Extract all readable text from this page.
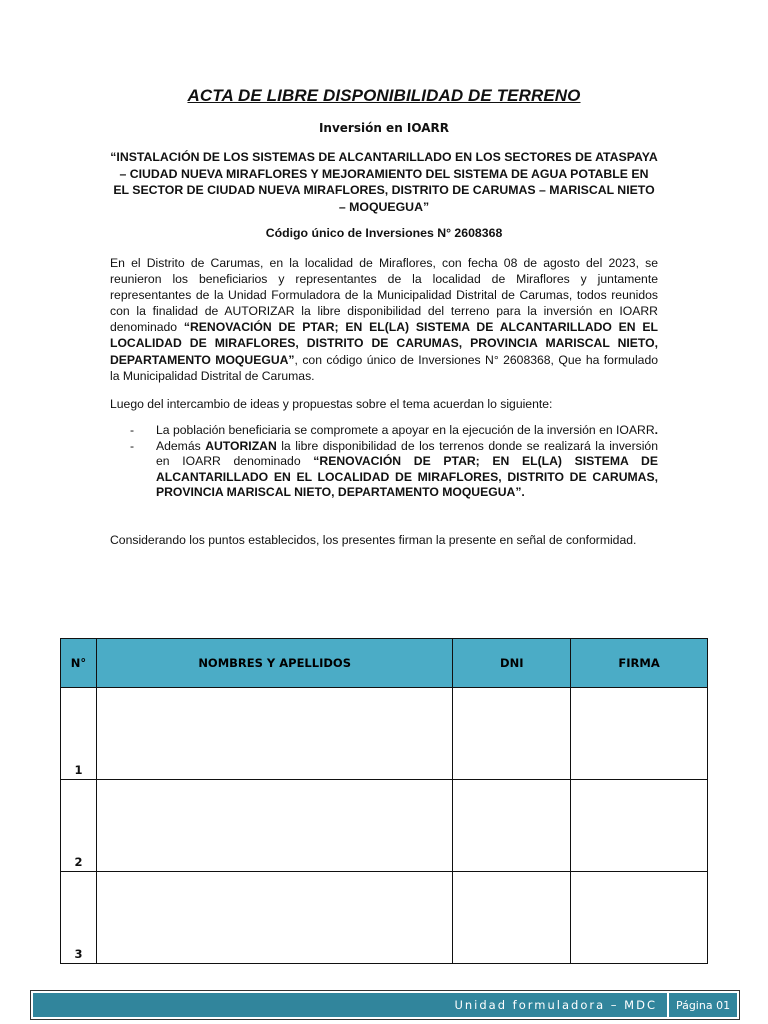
ACTA DE LIBRE DISPONIBILIDAD DE TERRENO
Inversión en IOARR
“INSTALACIÓN DE LOS SISTEMAS DE ALCANTARILLADO EN LOS SECTORES DE ATASPAYA – CIUDAD NUEVA MIRAFLORES Y MEJORAMIENTO DEL SISTEMA DE AGUA POTABLE EN EL SECTOR DE CIUDAD NUEVA MIRAFLORES, DISTRITO DE CARUMAS – MARISCAL NIETO – MOQUEGUA”
Código único de Inversiones N° 2608368
En el Distrito de Carumas, en la localidad de Miraflores, con fecha 08 de agosto del 2023, se reunieron los beneficiarios y representantes de la localidad de Miraflores y juntamente representantes de la Unidad Formuladora de la Municipalidad Distrital de Carumas, todos reunidos con la finalidad de AUTORIZAR la libre disponibilidad del terreno para la inversión en IOARR denominado “RENOVACIÓN DE PTAR; EN EL(LA) SISTEMA DE ALCANTARILLADO EN EL LOCALIDAD DE MIRAFLORES, DISTRITO DE CARUMAS, PROVINCIA MARISCAL NIETO, DEPARTAMENTO MOQUEGUA”, con código único de Inversiones N° 2608368, Que ha formulado la Municipalidad Distrital de Carumas.
Luego del intercambio de ideas y propuestas sobre el tema acuerdan lo siguiente:
- La población beneficiaria se compromete a apoyar en la ejecución de la inversión en IOARR.
- Además AUTORIZAN la libre disponibilidad de los terrenos donde se realizará la inversión en IOARR denominado “RENOVACIÓN DE PTAR; EN EL(LA) SISTEMA DE ALCANTARILLADO EN EL LOCALIDAD DE MIRAFLORES, DISTRITO DE CARUMAS, PROVINCIA MARISCAL NIETO, DEPARTAMENTO MOQUEGUA”.
Considerando los puntos establecidos, los presentes firman la presente en señal de conformidad.
N°	NOMBRES Y APELLIDOS	DNI	FIRMA
1			
2			
3			
Unidad formuladora – MDC	Página 01
